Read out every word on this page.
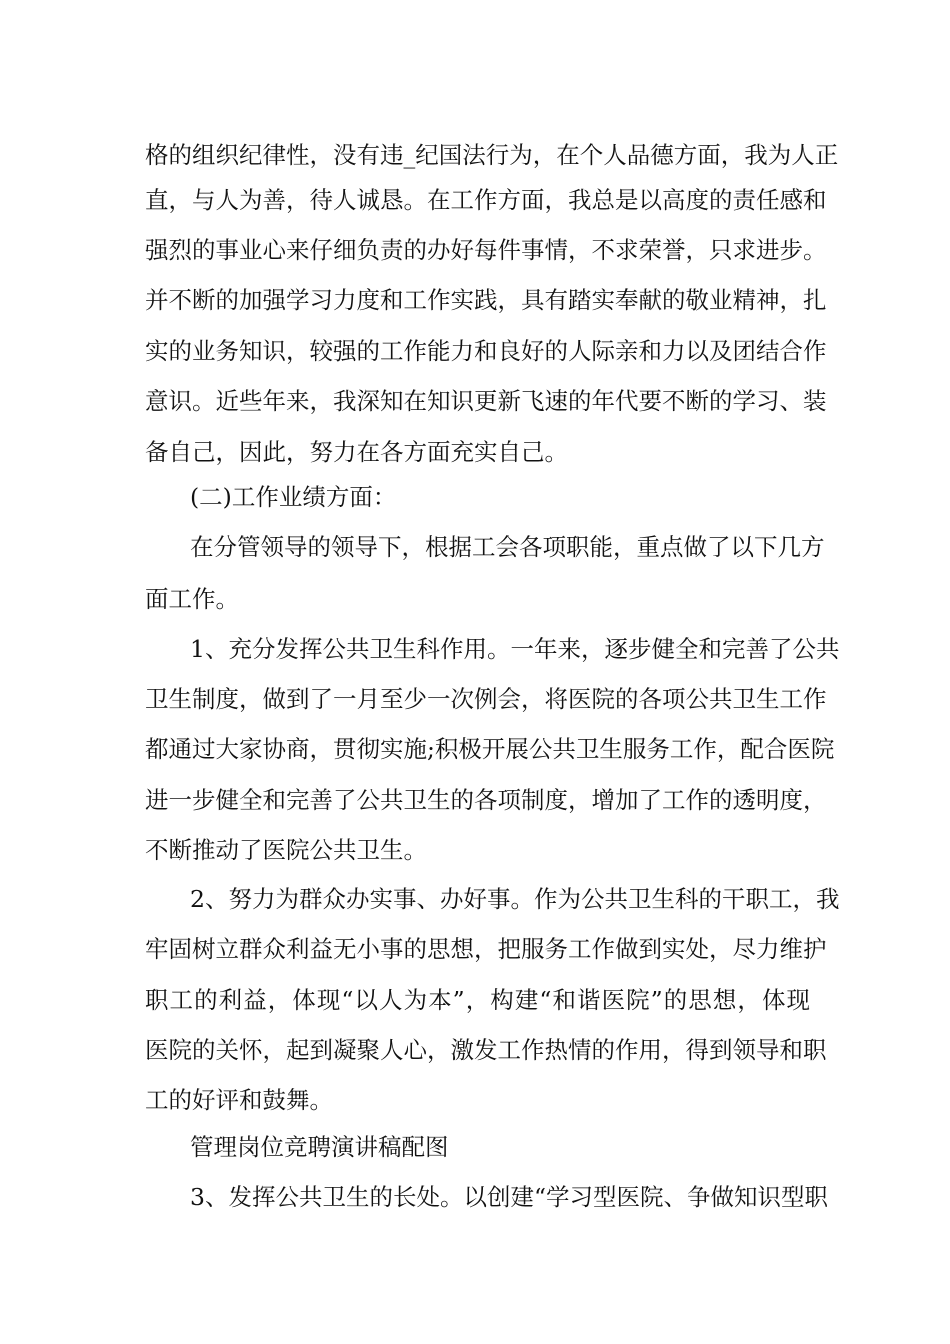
格的组织纪律性，没有违_纪国法行为，在个人品德方面，我为人正

直，与人为善，待人诚恳。在工作方面，我总是以高度的责任感和

强烈的事业心来仔细负责的办好每件事情，不求荣誉，只求进步。

并不断的加强学习力度和工作实践，具有踏实奉献的敬业精神，扎

实的业务知识，较强的工作能力和良好的人际亲和力以及团结合作

意识。近些年来，我深知在知识更新飞速的年代要不断的学习、装

备自己，因此，努力在各方面充实自己。

(二)工作业绩方面：

在分管领导的领导下，根据工会各项职能，重点做了以下几方

面工作。

1、充分发挥公共卫生科作用。一年来，逐步健全和完善了公共

卫生制度，做到了一月至少一次例会，将医院的各项公共卫生工作

都通过大家协商，贯彻实施;积极开展公共卫生服务工作，配合医院

进一步健全和完善了公共卫生的各项制度，增加了工作的透明度，

不断推动了医院公共卫生。

2、努力为群众办实事、办好事。作为公共卫生科的干职工，我

牢固树立群众利益无小事的思想，把服务工作做到实处，尽力维护

职工的利益，体现“以人为本”，构建“和谐医院”的思想，体现

医院的关怀，起到凝聚人心，激发工作热情的作用，得到领导和职

工的好评和鼓舞。

管理岗位竞聘演讲稿配图

3、发挥公共卫生的长处。以创建“学习型医院、争做知识型职
